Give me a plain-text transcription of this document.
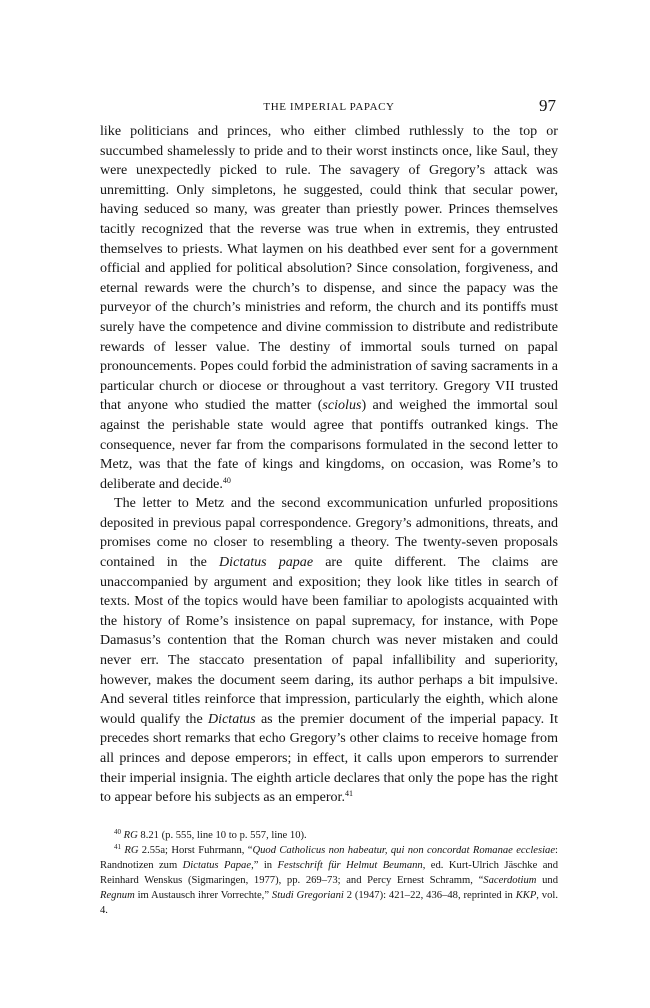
THE IMPERIAL PAPACY	97

like politicians and princes, who either climbed ruthlessly to the top or succumbed shamelessly to pride and to their worst instincts once, like Saul, they were unexpectedly picked to rule. The savagery of Gregory’s attack was unremitting. Only simpletons, he suggested, could think that secular power, having seduced so many, was greater than priestly power. Princes themselves tacitly recognized that the reverse was true when in extremis, they entrusted themselves to priests. What laymen on his deathbed ever sent for a government official and applied for political absolution? Since consolation, forgiveness, and eternal rewards were the church’s to dispense, and since the papacy was the purveyor of the church’s ministries and reform, the church and its pontiffs must surely have the competence and divine commission to distribute and redistribute rewards of lesser value. The destiny of immortal souls turned on papal pronouncements. Popes could forbid the administration of saving sacraments in a particular church or diocese or throughout a vast territory. Gregory VII trusted that anyone who studied the matter (sciolus) and weighed the immortal soul against the perishable state would agree that pontiffs outranked kings. The consequence, never far from the comparisons formulated in the second letter to Metz, was that the fate of kings and kingdoms, on occasion, was Rome’s to deliberate and decide.$^{40}$

The letter to Metz and the second excommunication unfurled propositions deposited in previous papal correspondence. Gregory’s admonitions, threats, and promises come no closer to resembling a theory. The twenty-seven proposals contained in the Dictatus papae are quite different. The claims are unaccompanied by argument and exposition; they look like titles in search of texts. Most of the topics would have been familiar to apologists acquainted with the history of Rome’s insistence on papal supremacy, for instance, with Pope Damasus’s contention that the Roman church was never mistaken and could never err. The staccato presentation of papal infallibility and superiority, however, makes the document seem daring, its author perhaps a bit impulsive. And several titles reinforce that impression, particularly the eighth, which alone would qualify the Dictatus as the premier document of the imperial papacy. It precedes short remarks that echo Gregory’s other claims to receive homage from all princes and depose emperors; in effect, it calls upon emperors to surrender their imperial insignia. The eighth article declares that only the pope has the right to appear before his subjects as an emperor.$^{41}$

$^{40}$ RG 8.21 (p. 555, line 10 to p. 557, line 10).

$^{41}$ RG 2.55a; Horst Fuhrmann, “Quod Catholicus non habeatur, qui non concordat Romanae ecclesiae: Randnotizen zum Dictatus Papae,” in Festschrift für Helmut Beumann, ed. Kurt-Ulrich Jäschke and Reinhard Wenskus (Sigmaringen, 1977), pp. 269–73; and Percy Ernest Schramm, “Sacerdotium und Regnum im Austausch ihrer Vorrechte,” Studi Gregoriani 2 (1947): 421–22, 436–48, reprinted in KKP, vol. 4.
